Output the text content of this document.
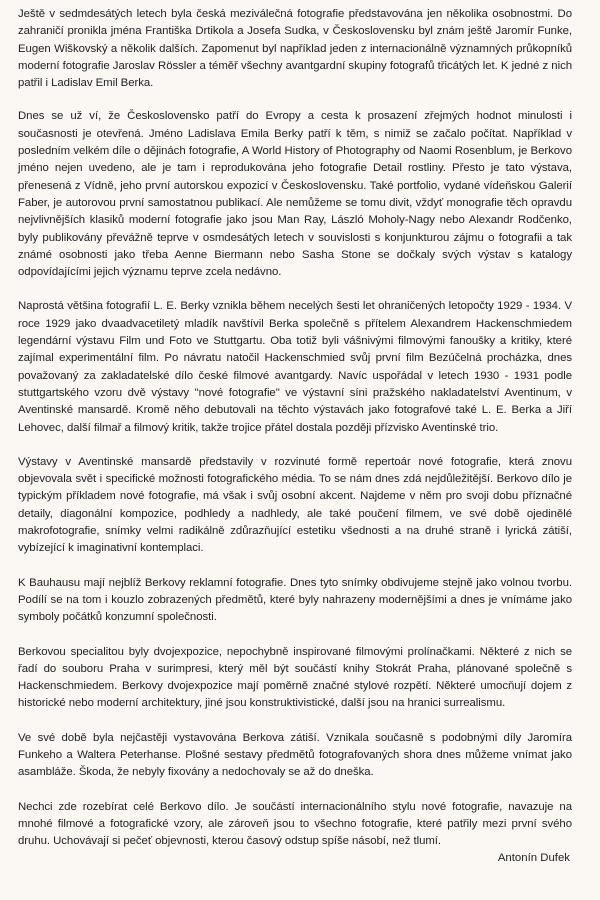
Ještě v sedmdesátých letech byla česká meziválečná fotografie představována jen několika osobnostmi. Do zahraničí pronikla jména Františka Drtikola a Josefa Sudka, v Československu byl znám ještě Jaromír Funke, Eugen Wiškovský a několik dalších. Zapomenut byl například jeden z internacionálně významných průkopníků moderní fotografie Jaroslav Rössler a téměř všechny avantgardní skupiny fotografů třicátých let. K jedné z nich patřil i Ladislav Emil Berka.

Dnes se už ví, že Československo patří do Evropy a cesta k prosazení zřejmých hodnot minulosti i současnosti je otevřená. Jméno Ladislava Emila Berky patří k těm, s nimiž se začalo počítat. Například v posledním velkém díle o dějinách fotografie, A World History of Photography od Naomi Rosenblum, je Berkovo jméno nejen uvedeno, ale je tam i reprodukována jeho fotografie Detail rostliny. Přesto je tato výstava, přenesená z Vídně, jeho první autorskou expozicí v Československu. Také portfolio, vydané vídeňskou Galerií Faber, je autorovou první samostatnou publikací. Ale nemůžeme se tomu divit, vždyť monografie těch opravdu nejvlivnějších klasiků moderní fotografie jako jsou Man Ray, László Moholy-Nagy nebo Alexandr Rodčenko, byly publikovány převážně teprve v osmdesátých letech v souvislosti s konjunkturou zájmu o fotografii a tak známé osobnosti jako třeba Aenne Biermann nebo Sasha Stone se dočkaly svých výstav s katalogy odpovídajícími jejich významu teprve zcela nedávno.

Naprostá většina fotografií L. E. Berky vznikla během necelých šesti let ohraničených letopočty 1929 - 1934. V roce 1929 jako dvaadvacetiletý mladík navštívil Berka společně s přítelem Alexandrem Hackenschmiedem legendární výstavu Film und Foto ve Stuttgartu. Oba totiž byli vášnivými filmovými fanoušky a kritiky, které zajímal experimentální film. Po návratu natočil Hackenschmied svůj první film Bezúčelná procházka, dnes považovaný za zakladatelské dílo české filmové avantgardy. Navíc uspořádal v letech 1930 - 1931 podle stuttgartského vzoru dvě výstavy "nové fotografie" ve výstavní síni pražského nakladatelství Aventinum, v Aventinské mansardě. Kromě něho debutovali na těchto výstavách jako fotografové také L. E. Berka a Jiří Lehovec, další filmař a filmový kritik, takže trojice přátel dostala později přízvisko Aventinské trio.

Výstavy v Aventinské mansardě představily v rozvinuté formě repertoár nové fotografie, která znovu objevovala svět i specifické možnosti fotografického média. To se nám dnes zdá nejdůležitější. Berkovo dílo je typickým příkladem nové fotografie, má však i svůj osobní akcent. Najdeme v něm pro svoji dobu příznačné detaily, diagonální kompozice, podhledy a nadhledy, ale také poučení filmem, ve své době ojedinělé makrofotografie, snímky velmi radikálně zdůrazňující estetiku všednosti a na druhé straně i lyrická zátiší, vybízející k imaginativní kontemplaci.

K Bauhausu mají nejblíž Berkovy reklamní fotografie. Dnes tyto snímky obdivujeme stejně jako volnou tvorbu. Podílí se na tom i kouzlo zobrazených předmětů, které byly nahrazeny modernějšími a dnes je vnímáme jako symboly počátků konzumní společnosti.

Berkovou specialitou byly dvojexpozice, nepochybně inspirované filmovými prolínačkami. Některé z nich se řadí do souboru Praha v surimpresi, který měl být součástí knihy Stokrát Praha, plánované společně s Hackenschmiedem. Berkovy dvojexpozice mají poměrně značné stylové rozpětí. Některé umocňují dojem z historické nebo moderní architektury, jiné jsou konstruktivistické, další jsou na hranici surrealismu.

Ve své době byla nejčastěji vystavována Berkova zátiší. Vznikala současně s podobnými díly Jaromíra Funkeho a Waltera Peterhanse. Plošné sestavy předmětů fotografovaných shora dnes můžeme vnímat jako asambláže. Škoda, že nebyly fixovány a nedochovaly se až do dneška.

Nechci zde rozebírat celé Berkovo dílo. Je součástí internacionálního stylu nové fotografie, navazuje na mnohé filmové a fotografické vzory, ale zároveň jsou to všechno fotografie, které patřily mezi první svého druhu. Uchovávají si pečeť objevnosti, kterou časový odstup spíše násobí, než tlumí.

Antonín Dufek
